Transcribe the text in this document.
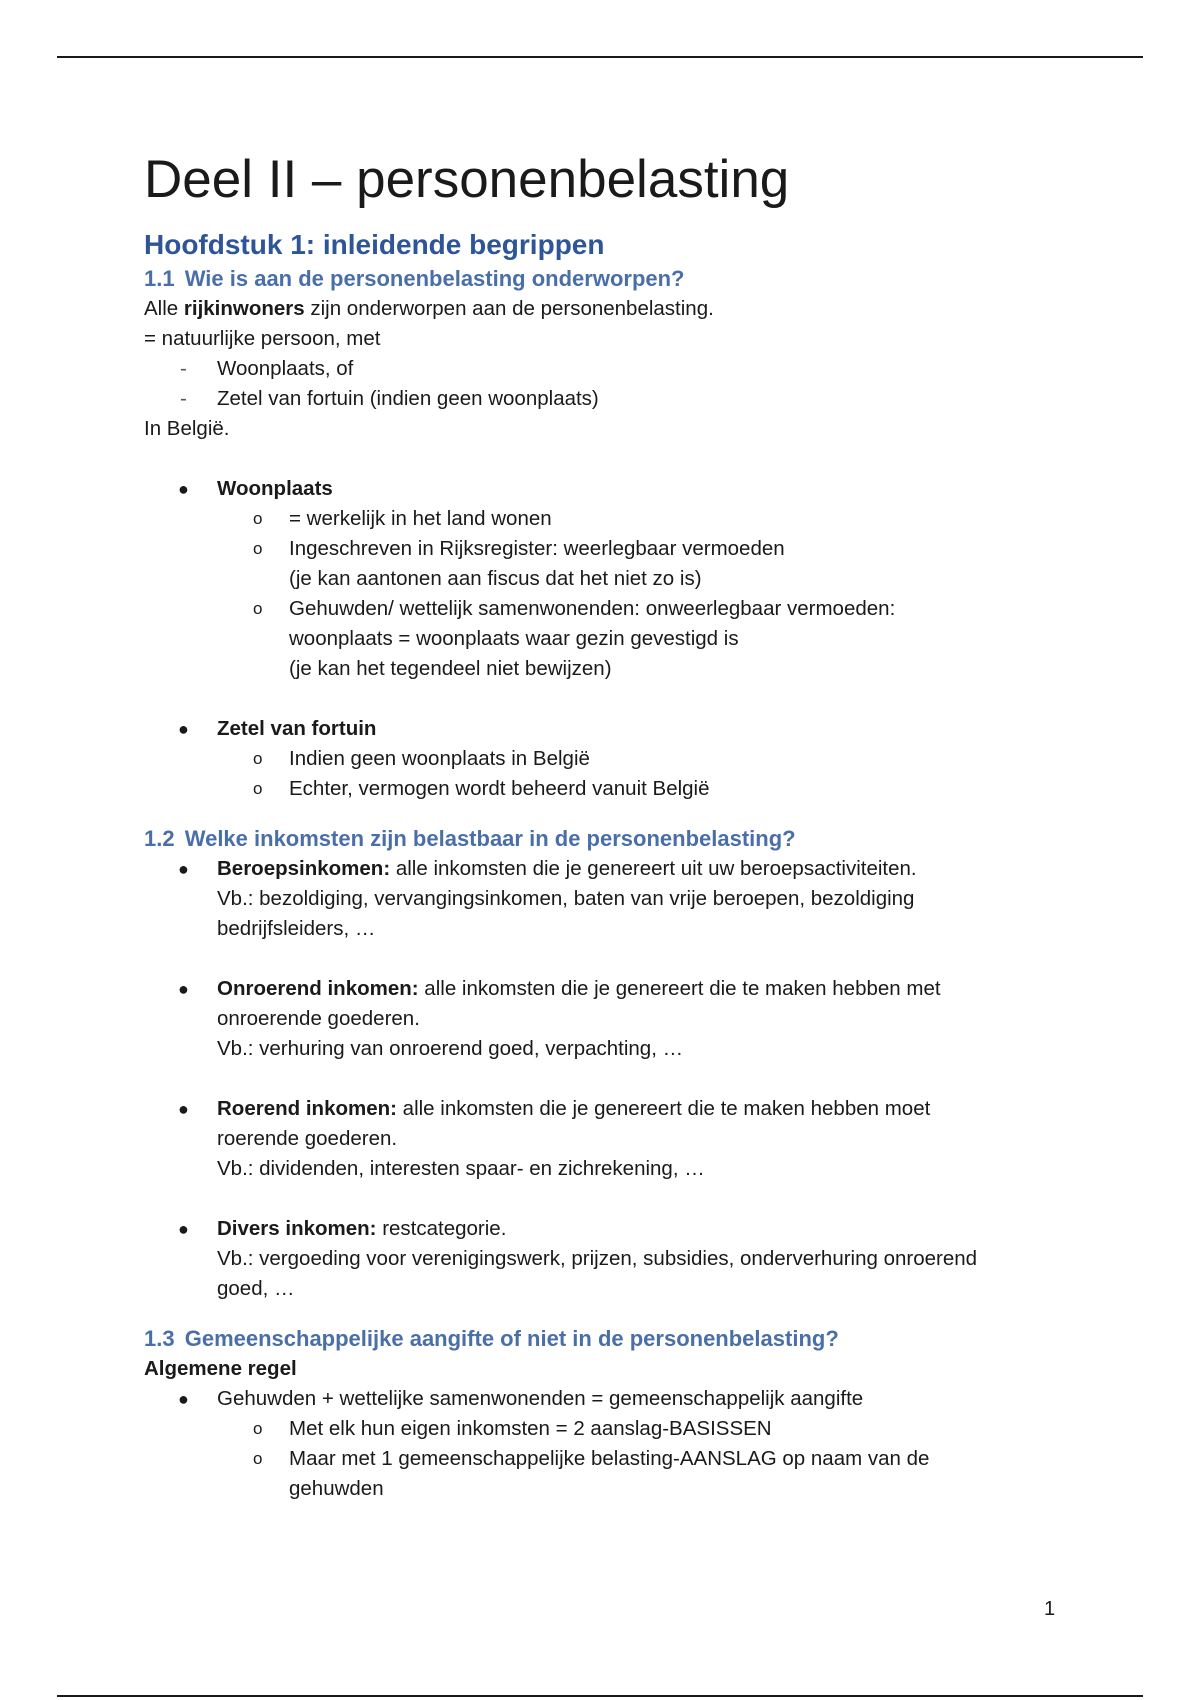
Deel II – personenbelasting
Hoofdstuk 1: inleidende begrippen
1.1 Wie is aan de personenbelasting onderworpen?

Alle rijkinwoners zijn onderworpen aan de personenbelasting.

= natuurlijke persoon, met

- Woonplaats, of
- Zetel van fortuin (indien geen woonplaats)

In België.

● Woonplaats
o	= werkelijk in het land wonen
o	Ingeschreven in Rijksregister: weerlegbaar vermoeden
(je kan aantonen aan fiscus dat het niet zo is)
o	Gehuwden/ wettelijk samenwonenden: onweerlegbaar vermoeden:
woonplaats = woonplaats waar gezin gevestigd is
(je kan het tegendeel niet bewijzen)
● Zetel van fortuin
o	Indien geen woonplaats in België
o	Echter, vermogen wordt beheerd vanuit België
1.2 Welke inkomsten zijn belastbaar in de personenbelasting?
● Beroepsinkomen: alle inkomsten die je genereert uit uw beroepsactiviteiten.
Vb.: bezoldiging, vervangingsinkomen, baten van vrije beroepen, bezoldiging
bedrijfsleiders, …
● Onroerend inkomen: alle inkomsten die je genereert die te maken hebben met
onroerende goederen.
Vb.: verhuring van onroerend goed, verpachting, …
● Roerend inkomen: alle inkomsten die je genereert die te maken hebben moet
roerende goederen.
Vb.: dividenden, interesten spaar- en zichrekening, …
● Divers inkomen: restcategorie.
Vb.: vergoeding voor verenigingswerk, prijzen, subsidies, onderverhuring onroerend
goed, …
1.3 Gemeenschappelijke aangifte of niet in de personenbelasting?

Algemene regel

● Gehuwden + wettelijke samenwonenden = gemeenschappelijk aangifte
o	Met elk hun eigen inkomsten = 2 aanslag-BASISSEN
o	Maar met 1 gemeenschappelijke belasting-AANSLAG op naam van de
gehuwden
1
